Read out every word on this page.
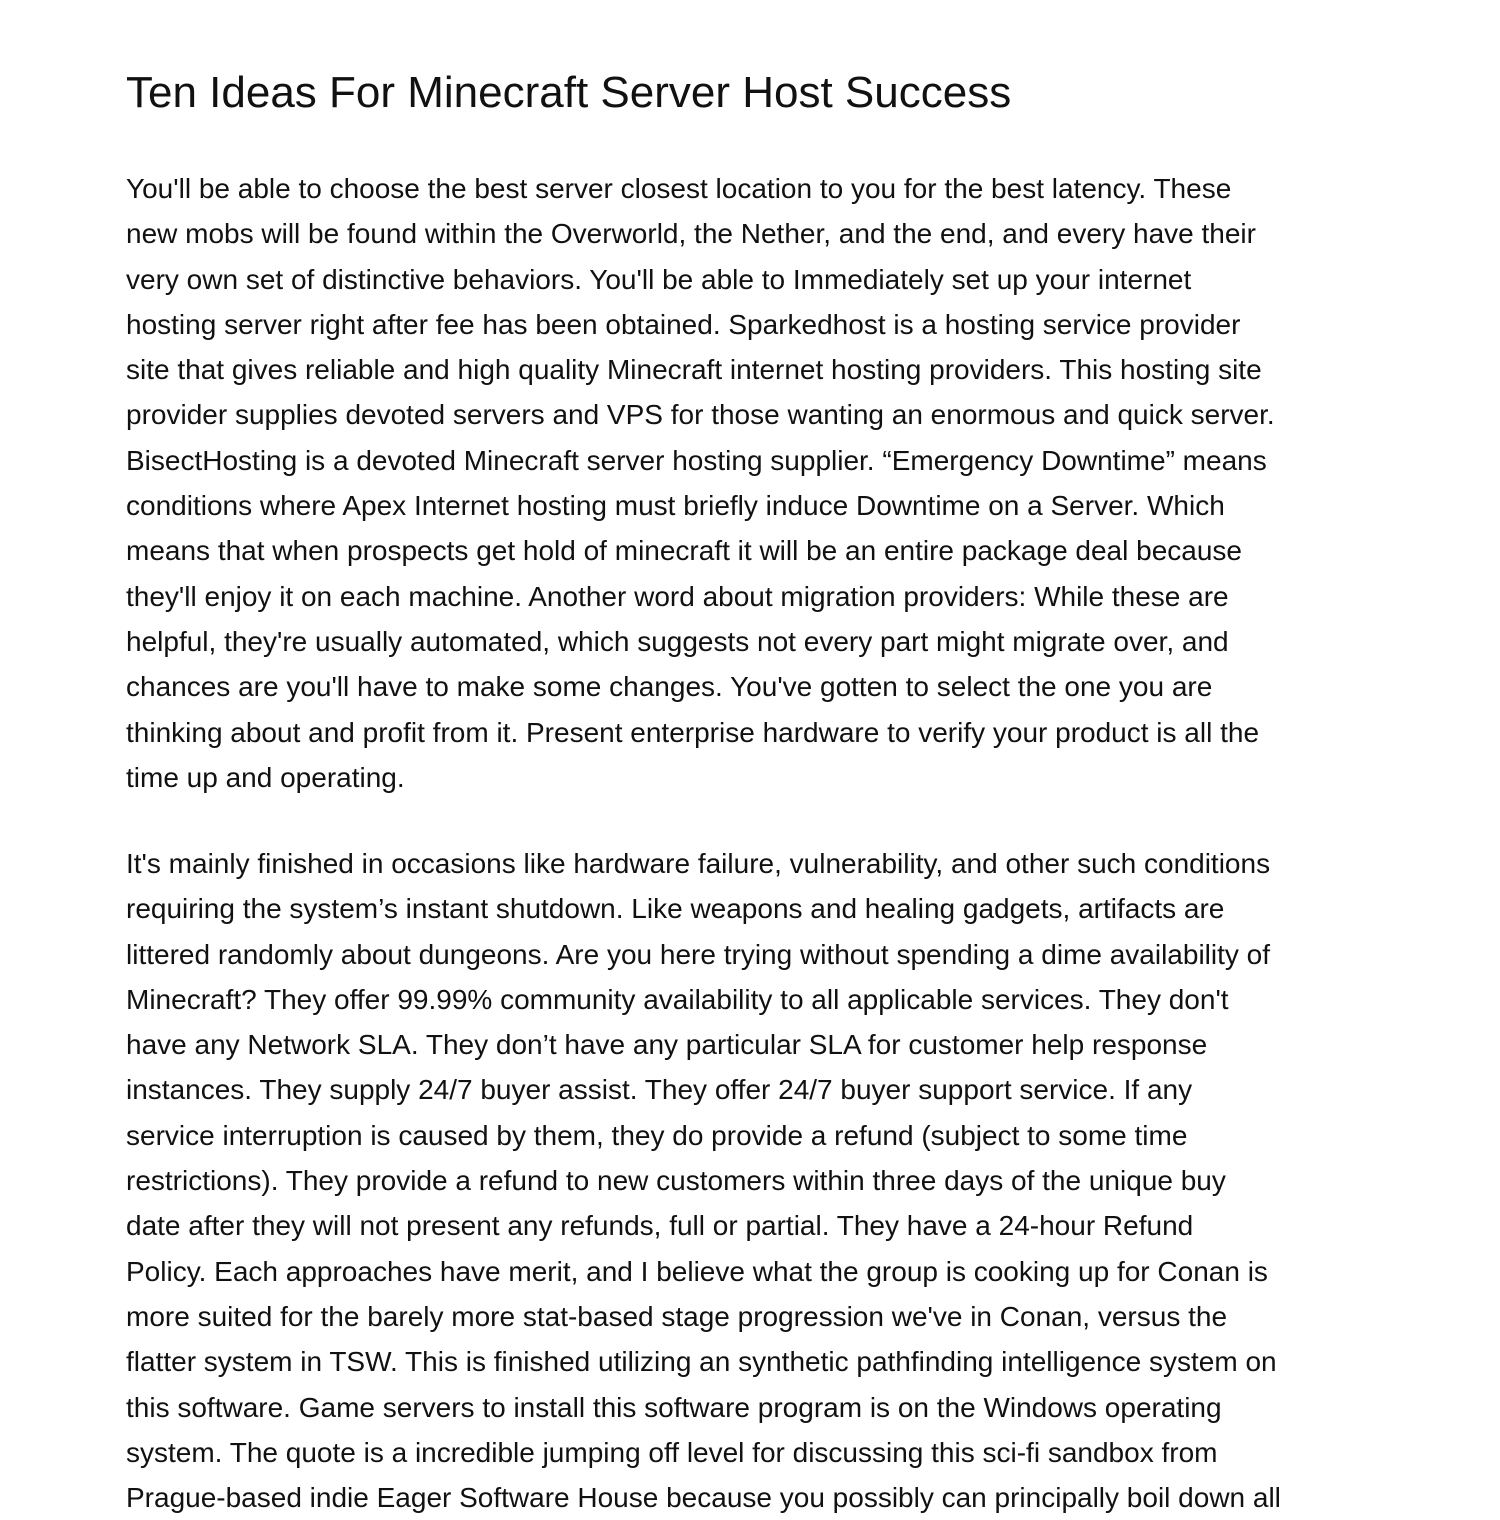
Ten Ideas For Minecraft Server Host Success
You'll be able to choose the best server closest location to you for the best latency. These
new mobs will be found within the Overworld, the Nether, and the end, and every have their
very own set of distinctive behaviors. You'll be able to Immediately set up your internet
hosting server right after fee has been obtained. Sparkedhost is a hosting service provider
site that gives reliable and high quality Minecraft internet hosting providers. This hosting site
provider supplies devoted servers and VPS for those wanting an enormous and quick server.
BisectHosting is a devoted Minecraft server hosting supplier. “Emergency Downtime” means
conditions where Apex Internet hosting must briefly induce Downtime on a Server. Which
means that when prospects get hold of minecraft it will be an entire package deal because
they'll enjoy it on each machine. Another word about migration providers: While these are
helpful, they're usually automated, which suggests not every part might migrate over, and
chances are you'll have to make some changes. You've gotten to select the one you are
thinking about and profit from it. Present enterprise hardware to verify your product is all the
time up and operating.
It's mainly finished in occasions like hardware failure, vulnerability, and other such conditions
requiring the system’s instant shutdown. Like weapons and healing gadgets, artifacts are
littered randomly about dungeons. Are you here trying without spending a dime availability of
Minecraft? They offer 99.99% community availability to all applicable services. They don't
have any Network SLA. They don’t have any particular SLA for customer help response
instances. They supply 24/7 buyer assist. They offer 24/7 buyer support service. If any
service interruption is caused by them, they do provide a refund (subject to some time
restrictions). They provide a refund to new customers within three days of the unique buy
date after they will not present any refunds, full or partial. They have a 24-hour Refund
Policy. Each approaches have merit, and I believe what the group is cooking up for Conan is
more suited for the barely more stat-based stage progression we've in Conan, versus the
flatter system in TSW. This is finished utilizing an synthetic pathfinding intelligence system on
this software. Game servers to install this software program is on the Windows operating
system. The quote is a incredible jumping off level for discussing this sci-fi sandbox from
Prague-based indie Eager Software House because you possibly can principally boil down all
